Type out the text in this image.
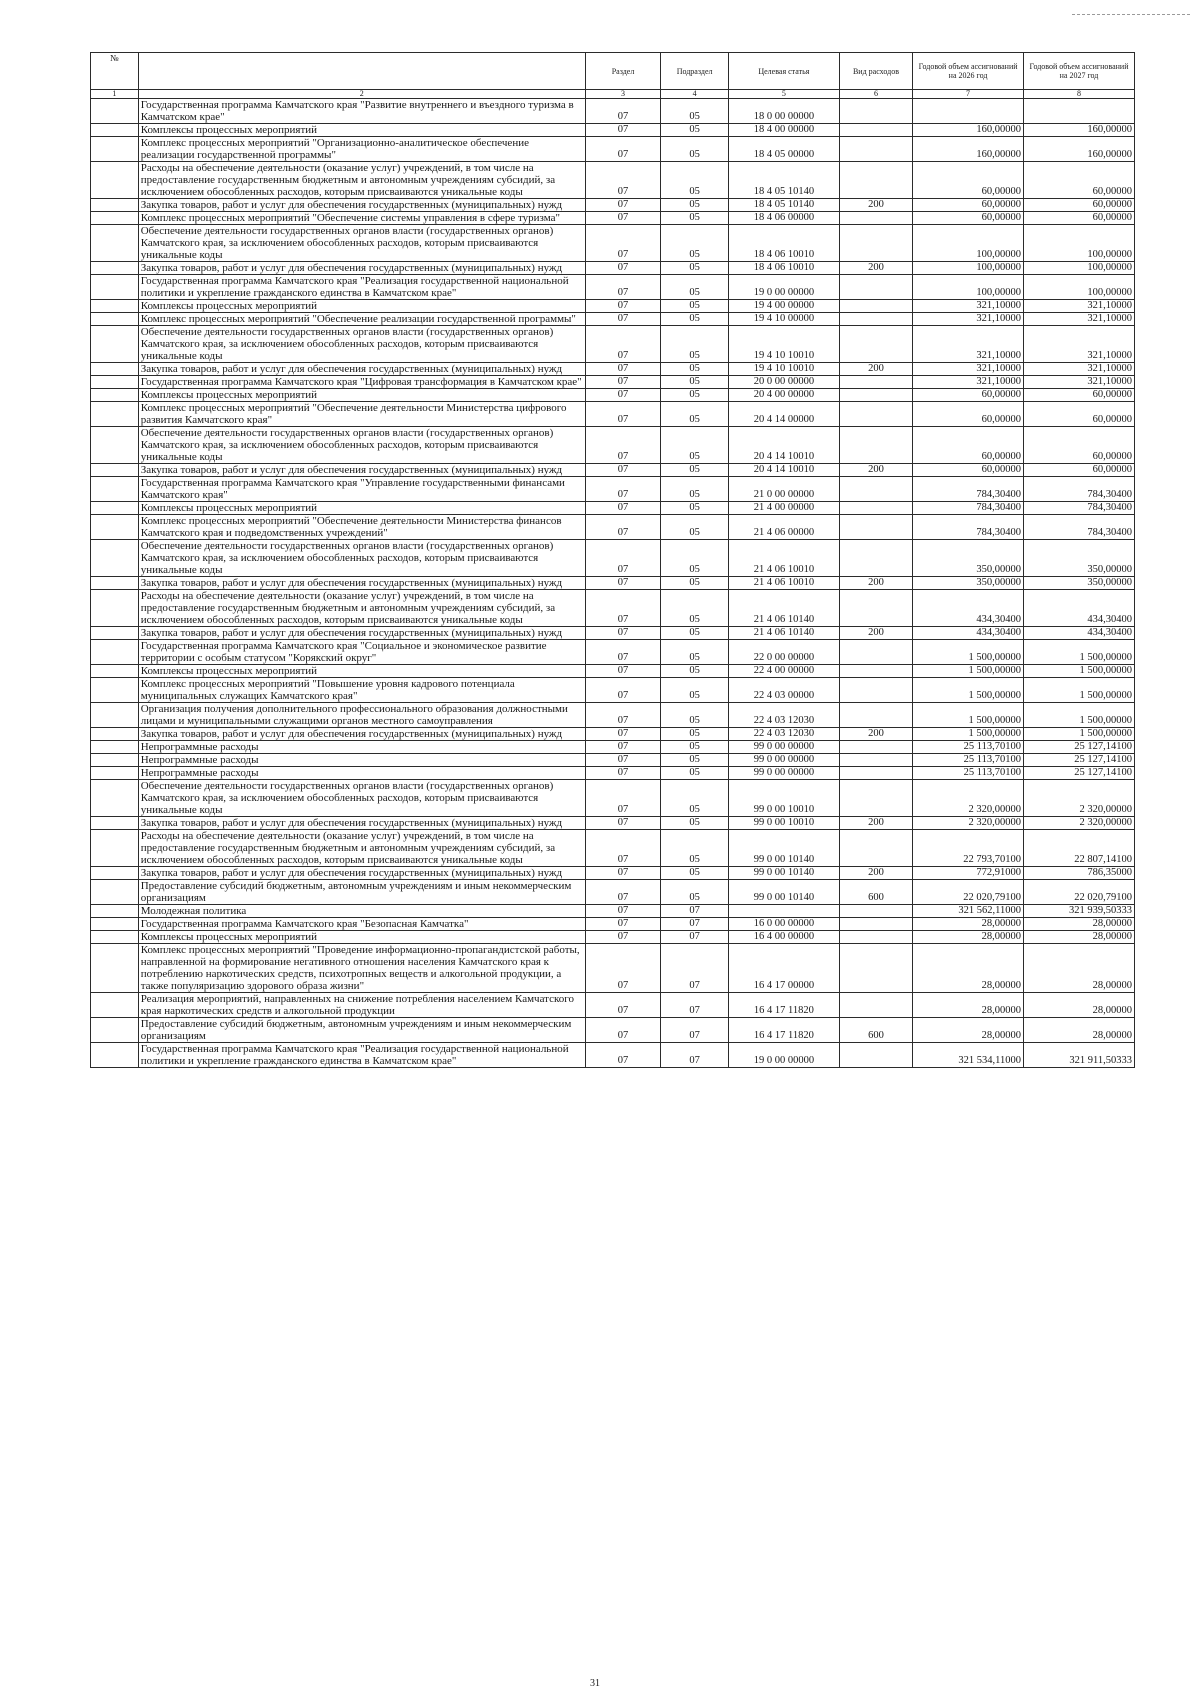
№		Раздел	Подраздел	Целевая статья	Вид расходов	Годовой объем ассигнований на 2026 год	Годовой объем ассигнований на 2027 год
1	2	3	4	5	6	7	8
	Государственная программа Камчатского края "Развитие внутреннего и въездного туризма в Камчатском крае"	07	05	18 0 00 00000			
	Комплексы процессных мероприятий	07	05	18 4 00 00000		160,00000	160,00000
	Комплекс процессных мероприятий "Организационно-аналитическое обеспечение реализации государственной программы"	07	05	18 4 05 00000		160,00000	160,00000
	Расходы на обеспечение деятельности (оказание услуг) учреждений, в том числе на предоставление государственным бюджетным и автономным учреждениям субсидий, за исключением обособленных расходов, которым присваиваются уникальные коды	07	05	18 4 05 10140		60,00000	60,00000
	Закупка товаров, работ и услуг для обеспечения государственных (муниципальных) нужд	07	05	18 4 05 10140	200	60,00000	60,00000
	Комплекс процессных мероприятий "Обеспечение системы управления в сфере туризма"	07	05	18 4 06 00000		60,00000	60,00000
	Обеспечение деятельности государственных органов власти (государственных органов) Камчатского края, за исключением обособленных расходов, которым присваиваются уникальные коды	07	05	18 4 06 10010		100,00000	100,00000
	Закупка товаров, работ и услуг для обеспечения государственных (муниципальных) нужд	07	05	18 4 06 10010	200	100,00000	100,00000
	Государственная программа Камчатского края "Реализация государственной национальной политики и укрепление гражданского единства в Камчатском крае"	07	05	19 0 00 00000		100,00000	100,00000
	Комплексы процессных мероприятий	07	05	19 4 00 00000		321,10000	321,10000
	Комплекс процессных мероприятий "Обеспечение реализации государственной программы"	07	05	19 4 10 00000		321,10000	321,10000
	Обеспечение деятельности государственных органов власти (государственных органов) Камчатского края, за исключением обособленных расходов, которым присваиваются уникальные коды	07	05	19 4 10 10010		321,10000	321,10000
	Закупка товаров, работ и услуг для обеспечения государственных (муниципальных) нужд	07	05	19 4 10 10010	200	321,10000	321,10000
	Государственная программа Камчатского края "Цифровая трансформация в Камчатском крае"	07	05	20 0 00 00000		321,10000	321,10000
	Комплексы процессных мероприятий	07	05	20 4 00 00000		60,00000	60,00000
	Комплекс процессных мероприятий "Обеспечение деятельности Министерства цифрового развития Камчатского края"	07	05	20 4 14 00000		60,00000	60,00000
	Обеспечение деятельности государственных органов власти (государственных органов) Камчатского края, за исключением обособленных расходов, которым присваиваются уникальные коды	07	05	20 4 14 10010		60,00000	60,00000
	Закупка товаров, работ и услуг для обеспечения государственных (муниципальных) нужд	07	05	20 4 14 10010	200	60,00000	60,00000
	Государственная программа Камчатского края "Управление государственными финансами Камчатского края"	07	05	21 0 00 00000		784,30400	784,30400
	Комплексы процессных мероприятий	07	05	21 4 00 00000		784,30400	784,30400
	Комплекс процессных мероприятий "Обеспечение деятельности Министерства финансов Камчатского края и подведомственных учреждений"	07	05	21 4 06 00000		784,30400	784,30400
	Обеспечение деятельности государственных органов власти (государственных органов) Камчатского края, за исключением обособленных расходов, которым присваиваются уникальные коды	07	05	21 4 06 10010		350,00000	350,00000
	Закупка товаров, работ и услуг для обеспечения государственных (муниципальных) нужд	07	05	21 4 06 10010	200	350,00000	350,00000
	Расходы на обеспечение деятельности (оказание услуг) учреждений, в том числе на предоставление государственным бюджетным и автономным учреждениям субсидий, за исключением обособленных расходов, которым присваиваются уникальные коды	07	05	21 4 06 10140		434,30400	434,30400
	Закупка товаров, работ и услуг для обеспечения государственных (муниципальных) нужд	07	05	21 4 06 10140	200	434,30400	434,30400
	Государственная программа Камчатского края "Социальное и экономическое развитие территории с особым статусом "Корякский округ"	07	05	22 0 00 00000		1 500,00000	1 500,00000
	Комплексы процессных мероприятий	07	05	22 4 00 00000		1 500,00000	1 500,00000
	Комплекс процессных мероприятий "Повышение уровня кадрового потенциала муниципальных служащих Камчатского края"	07	05	22 4 03 00000		1 500,00000	1 500,00000
	Организация получения дополнительного профессионального образования должностными лицами и муниципальными служащими органов местного самоуправления	07	05	22 4 03 12030		1 500,00000	1 500,00000
	Закупка товаров, работ и услуг для обеспечения государственных (муниципальных) нужд	07	05	22 4 03 12030	200	1 500,00000	1 500,00000
	Непрограммные расходы	07	05	99 0 00 00000		25 113,70100	25 127,14100
	Непрограммные расходы	07	05	99 0 00 00000		25 113,70100	25 127,14100
	Непрограммные расходы	07	05	99 0 00 00000		25 113,70100	25 127,14100
	Обеспечение деятельности государственных органов власти (государственных органов) Камчатского края, за исключением обособленных расходов, которым присваиваются уникальные коды	07	05	99 0 00 10010		2 320,00000	2 320,00000
	Закупка товаров, работ и услуг для обеспечения государственных (муниципальных) нужд	07	05	99 0 00 10010	200	2 320,00000	2 320,00000
	Расходы на обеспечение деятельности (оказание услуг) учреждений, в том числе на предоставление государственным бюджетным и автономным учреждениям субсидий, за исключением обособленных расходов, которым присваиваются уникальные коды	07	05	99 0 00 10140		22 793,70100	22 807,14100
	Закупка товаров, работ и услуг для обеспечения государственных (муниципальных) нужд	07	05	99 0 00 10140	200	772,91000	786,35000
	Предоставление субсидий бюджетным, автономным учреждениям и иным некоммерческим организациям	07	05	99 0 00 10140	600	22 020,79100	22 020,79100
	Молодежная политика	07	07			321 562,11000	321 939,50333
	Государственная программа Камчатского края "Безопасная Камчатка"	07	07	16 0 00 00000		28,00000	28,00000
	Комплексы процессных мероприятий	07	07	16 4 00 00000		28,00000	28,00000
	Комплекс процессных мероприятий "Проведение информационно-пропагандистской работы, направленной на формирование негативного отношения населения Камчатского края к потреблению наркотических средств, психотропных веществ и алкогольной продукции, а также популяризацию здорового образа жизни"	07	07	16 4 17 00000		28,00000	28,00000
	Реализация мероприятий, направленных на снижение потребления населением Камчатского края наркотических средств и алкогольной продукции	07	07	16 4 17 11820		28,00000	28,00000
	Предоставление субсидий бюджетным, автономным учреждениям и иным некоммерческим организациям	07	07	16 4 17 11820	600	28,00000	28,00000
	Государственная программа Камчатского края "Реализация государственной национальной политики и укрепление гражданского единства в Камчатском крае"	07	07	19 0 00 00000		321 534,11000	321 911,50333
31
